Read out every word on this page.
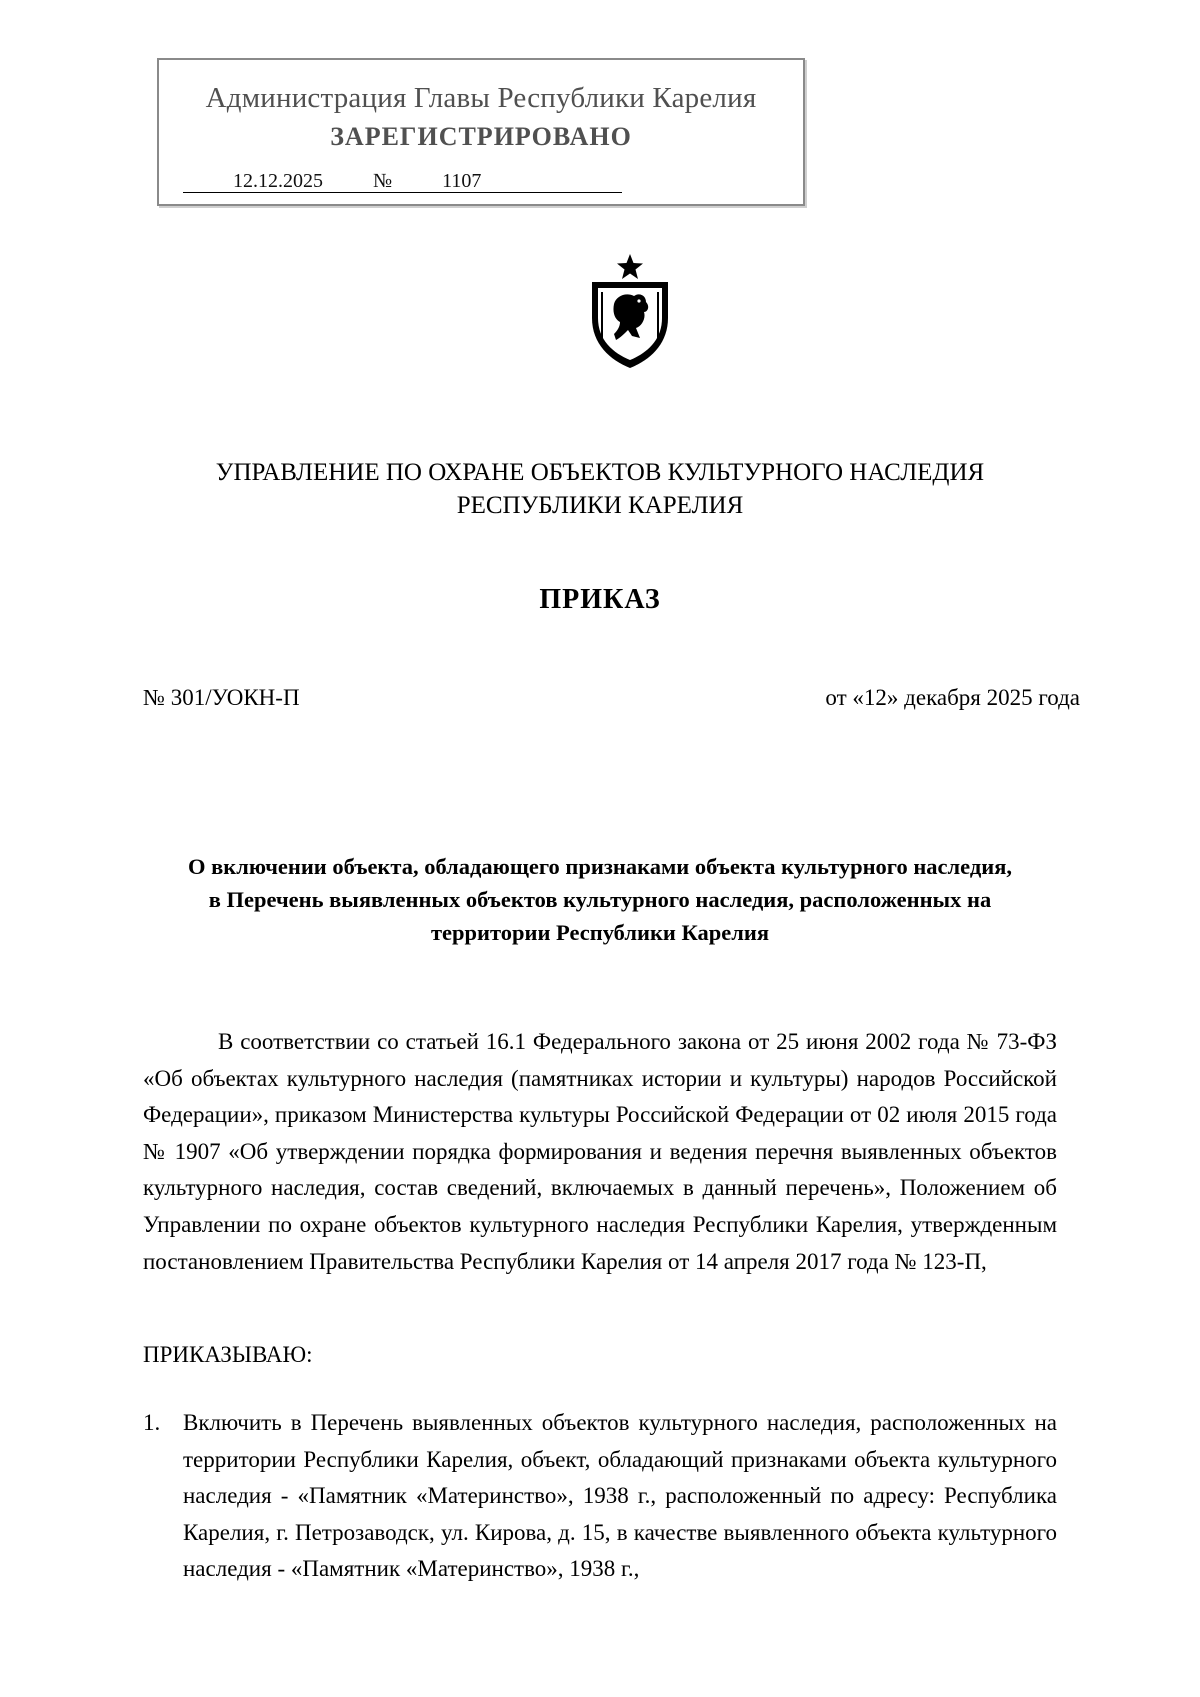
Администрация Главы Республики Карелия
ЗАРЕГИСТРИРОВАНО
12.12.2025	№	1107
УПРАВЛЕНИЕ ПО ОХРАНЕ ОБЪЕКТОВ КУЛЬТУРНОГО НАСЛЕДИЯ
РЕСПУБЛИКИ КАРЕЛИЯ
ПРИКАЗ
№ 301/УОКН-П	от «12» декабря 2025 года
О включении объекта, обладающего признаками объекта культурного наследия,
в Перечень выявленных объектов культурного наследия, расположенных на
территории Республики Карелия

В соответствии со статьей 16.1 Федерального закона от 25 июня 2002 года № 73-ФЗ «Об объектах культурного наследия (памятниках истории и культуры) народов Российской Федерации», приказом Министерства культуры Российской Федерации от 02 июля 2015 года № 1907 «Об утверждении порядка формирования и ведения перечня выявленных объектов культурного наследия, состав сведений, включаемых в данный перечень», Положением об Управлении по охране объектов культурного наследия Республики Карелия, утвержденным постановлением Правительства Республики Карелия от 14 апреля 2017 года № 123-П,

ПРИКАЗЫВАЮ:
1. Включить в Перечень выявленных объектов культурного наследия, расположенных на территории Республики Карелия, объект, обладающий признаками объекта культурного наследия - «Памятник «Материнство», 1938 г., расположенный по адресу: Республика Карелия, г. Петрозаводск, ул. Кирова, д. 15, в качестве выявленного объекта культурного наследия - «Памятник «Материнство», 1938 г.,
